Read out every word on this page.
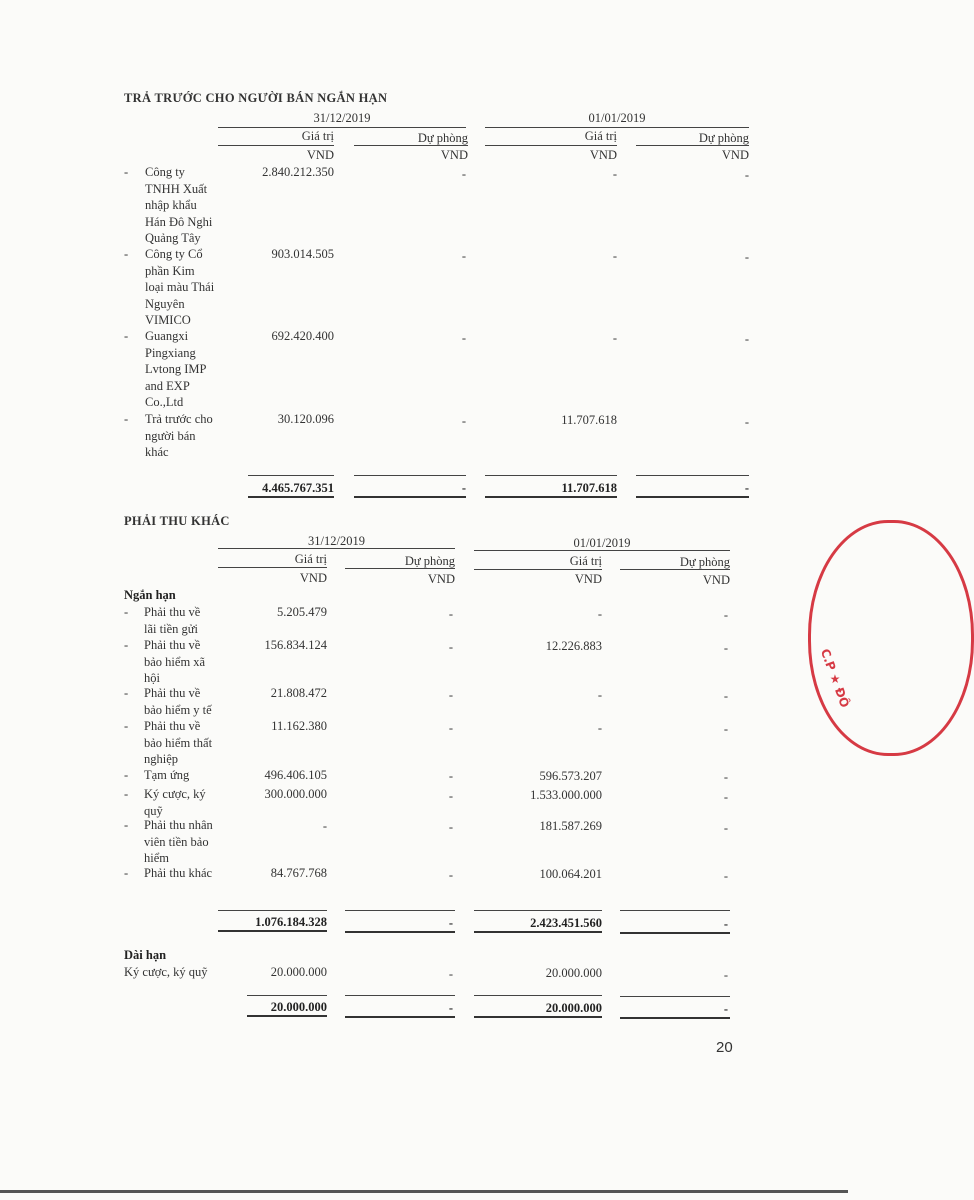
TRẢ TRƯỚC CHO NGƯỜI BÁN NGẮN HẠN
31/12/2019	01/01/2019
Giá trị	Dự phòng	Giá trị	Dự phòng
VND	VND	VND	VND
- Công ty
TNHH Xuất
nhập khẩu
Hán Đô Nghi
Quảng Tây
2.840.212.350	-	-	-
- Công ty Cổ
phần Kim
loại màu Thái
Nguyên
VIMICO
903.014.505	-	-	-
- Guangxi
Pingxiang
Lvtong IMP
and EXP
Co.,Ltd
692.420.400	-	-	-
- Trả trước cho
người bán
khác
30.120.096	-	11.707.618	-
4.465.767.351	-	11.707.618	-
PHẢI THU KHÁC
31/12/2019	01/01/2019
Giá trị	Dự phòng	Giá trị	Dự phòng
VND	VND	VND	VND
Ngắn hạn
- Phải thu về
lãi tiền gửi
5.205.479	-	-	-
- Phải thu về
bảo hiểm xã
hội
156.834.124	-	12.226.883	-
- Phải thu về
bảo hiểm y tế
21.808.472	-	-	-
- Phải thu về
bảo hiểm thất
nghiệp
11.162.380	-	-	-
- Tạm ứng	496.406.105	-	596.573.207	-
- Ký cược, ký
quỹ
300.000.000	-	1.533.000.000	-
- Phải thu nhân
viên tiền bảo
hiểm
-	-	181.587.269	-
- Phải thu khác	84.767.768	-	100.064.201	-
1.076.184.328	-	2.423.451.560	-
Dài hạn
Ký cược, ký quỹ	20.000.000	-	20.000.000	-
20.000.000	-	20.000.000	-
20
C.P ★ ĐÔ
